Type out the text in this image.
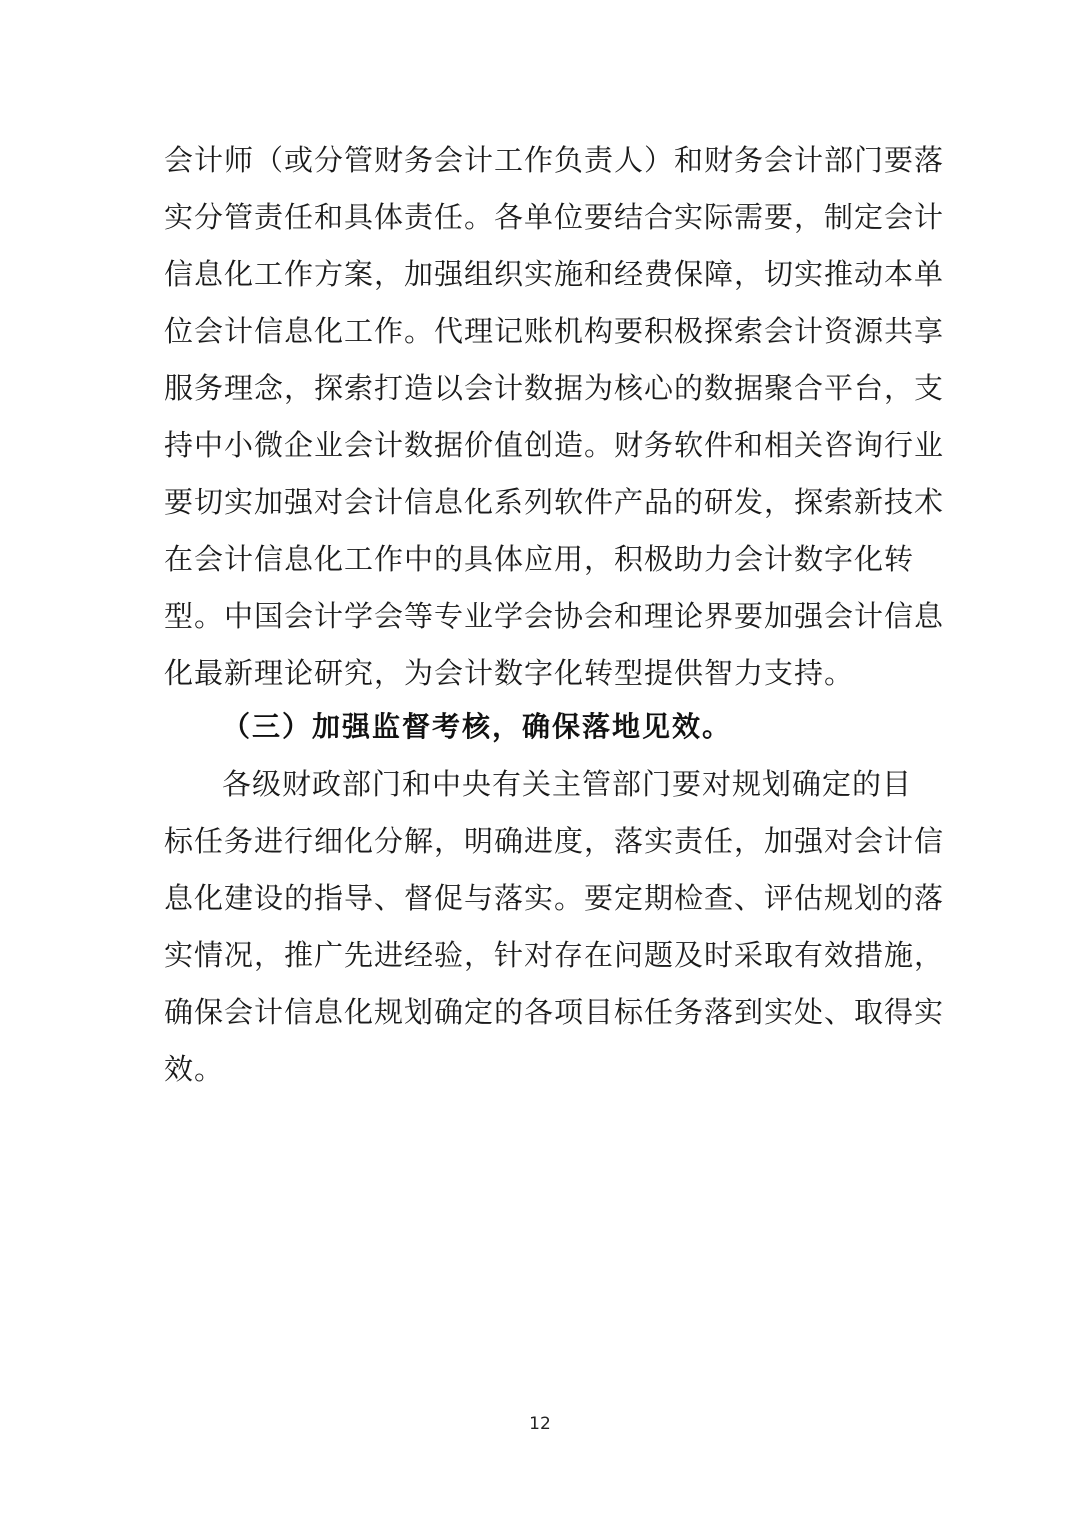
会计师（或分管财务会计工作负责人）和财务会计部门要落
实分管责任和具体责任。各单位要结合实际需要，制定会计
信息化工作方案，加强组织实施和经费保障，切实推动本单
位会计信息化工作。代理记账机构要积极探索会计资源共享
服务理念，探索打造以会计数据为核心的数据聚合平台，支
持中小微企业会计数据价值创造。财务软件和相关咨询行业
要切实加强对会计信息化系列软件产品的研发，探索新技术
在会计信息化工作中的具体应用，积极助力会计数字化转
型。中国会计学会等专业学会协会和理论界要加强会计信息
化最新理论研究，为会计数字化转型提供智力支持。
（三）加强监督考核，确保落地见效。
各级财政部门和中央有关主管部门要对规划确定的目
标任务进行细化分解，明确进度，落实责任，加强对会计信
息化建设的指导、督促与落实。要定期检查、评估规划的落
实情况，推广先进经验，针对存在问题及时采取有效措施，
确保会计信息化规划确定的各项目标任务落到实处、取得实
效。
12
